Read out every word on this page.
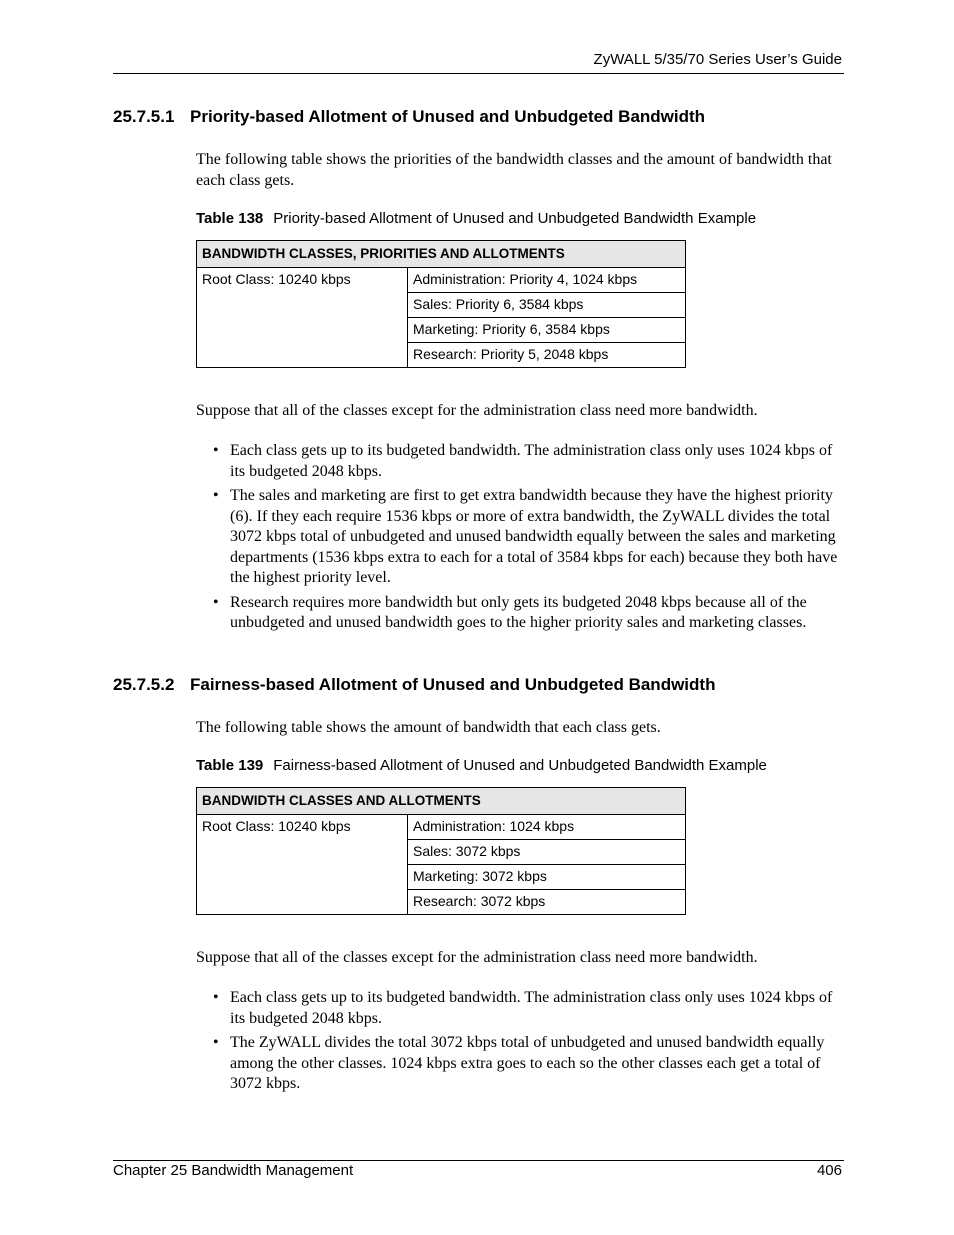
ZyWALL 5/35/70 Series User’s Guide
25.7.5.1 Priority-based Allotment of Unused and Unbudgeted Bandwidth
The following table shows the priorities of the bandwidth classes and the amount of bandwidth that each class gets.
Table 138 Priority-based Allotment of Unused and Unbudgeted Bandwidth Example
BANDWIDTH CLASSES, PRIORITIES AND ALLOTMENTS
Root Class: 10240 kbps	Administration: Priority 4, 1024 kbps
Sales: Priority 6, 3584 kbps
Marketing: Priority 6, 3584 kbps
Research: Priority 5, 2048 kbps
Suppose that all of the classes except for the administration class need more bandwidth.
• Each class gets up to its budgeted bandwidth. The administration class only uses 1024 kbps of its budgeted 2048 kbps.
• The sales and marketing are first to get extra bandwidth because they have the highest priority (6). If they each require 1536 kbps or more of extra bandwidth, the ZyWALL divides the total 3072 kbps total of unbudgeted and unused bandwidth equally between the sales and marketing departments (1536 kbps extra to each for a total of 3584 kbps for each) because they both have the highest priority level.
• Research requires more bandwidth but only gets its budgeted 2048 kbps because all of the unbudgeted and unused bandwidth goes to the higher priority sales and marketing classes.
25.7.5.2 Fairness-based Allotment of Unused and Unbudgeted Bandwidth
The following table shows the amount of bandwidth that each class gets.
Table 139 Fairness-based Allotment of Unused and Unbudgeted Bandwidth Example
BANDWIDTH CLASSES AND ALLOTMENTS
Root Class: 10240 kbps	Administration: 1024 kbps
Sales: 3072 kbps
Marketing: 3072 kbps
Research: 3072 kbps
Suppose that all of the classes except for the administration class need more bandwidth.
• Each class gets up to its budgeted bandwidth. The administration class only uses 1024 kbps of its budgeted 2048 kbps.
• The ZyWALL divides the total 3072 kbps total of unbudgeted and unused bandwidth equally among the other classes. 1024 kbps extra goes to each so the other classes each get a total of 3072 kbps.
Chapter 25 Bandwidth Management	406
